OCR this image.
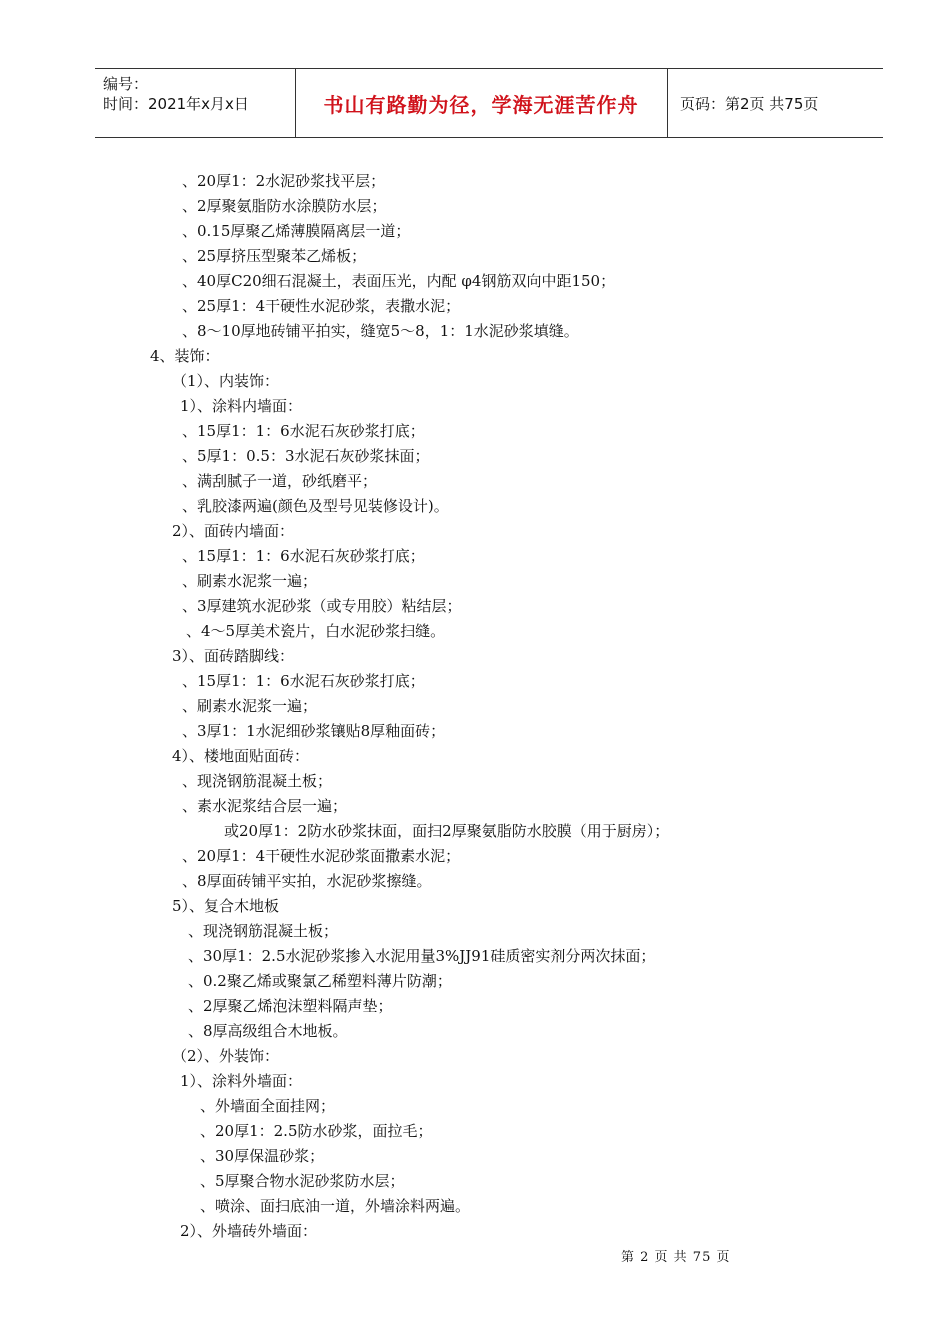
编号：
时间：2021年x月x日	书山有路勤为径，学海无涯苦作舟	页码：第2页 共75页
、20厚1：2水泥砂浆找平层；
、2厚聚氨脂防水涂膜防水层；
、0.15厚聚乙烯薄膜隔离层一道；
、25厚挤压型聚苯乙烯板；
、40厚C20细石混凝土，表面压光，内配 φ4钢筋双向中距150；
、25厚1：4干硬性水泥砂浆，表撒水泥；
、8～10厚地砖铺平拍实，缝宽5～8，1：1水泥砂浆填缝。
4、装饰：
（1）、内装饰：
1）、涂料内墙面：
、15厚1：1：6水泥石灰砂浆打底；
、5厚1：0.5：3水泥石灰砂浆抹面；
、满刮腻子一道，砂纸磨平；
、乳胶漆两遍(颜色及型号见装修设计)。
2）、面砖内墙面：
、15厚1：1：6水泥石灰砂浆打底；
、刷素水泥浆一遍；
、3厚建筑水泥砂浆（或专用胶）粘结层；
、4～5厚美术瓷片，白水泥砂浆扫缝。
3）、面砖踏脚线：
、15厚1：1：6水泥石灰砂浆打底；
、刷素水泥浆一遍；
、3厚1：1水泥细砂浆镶贴8厚釉面砖；
4）、楼地面贴面砖：
、现浇钢筋混凝土板；
、素水泥浆结合层一遍；
或20厚1：2防水砂浆抹面，面扫2厚聚氨脂防水胶膜（用于厨房）；
、20厚1：4干硬性水泥砂浆面撒素水泥；
、8厚面砖铺平实拍，水泥砂浆擦缝。
5）、复合木地板
、现浇钢筋混凝土板；
、30厚1：2.5水泥砂浆掺入水泥用量3%JJ91硅质密实剂分两次抹面；
、0.2聚乙烯或聚氯乙稀塑料薄片防潮；
、2厚聚乙烯泡沫塑料隔声垫；
、8厚高级组合木地板。
（2）、外装饰：
1）、涂料外墙面：
、外墙面全面挂网；
、20厚1：2.5防水砂浆，面拉毛；
、30厚保温砂浆；
、5厚聚合物水泥砂浆防水层；
、喷涂、面扫底油一道，外墙涂料两遍。
2）、外墙砖外墙面：
第 2 页 共 75 页
